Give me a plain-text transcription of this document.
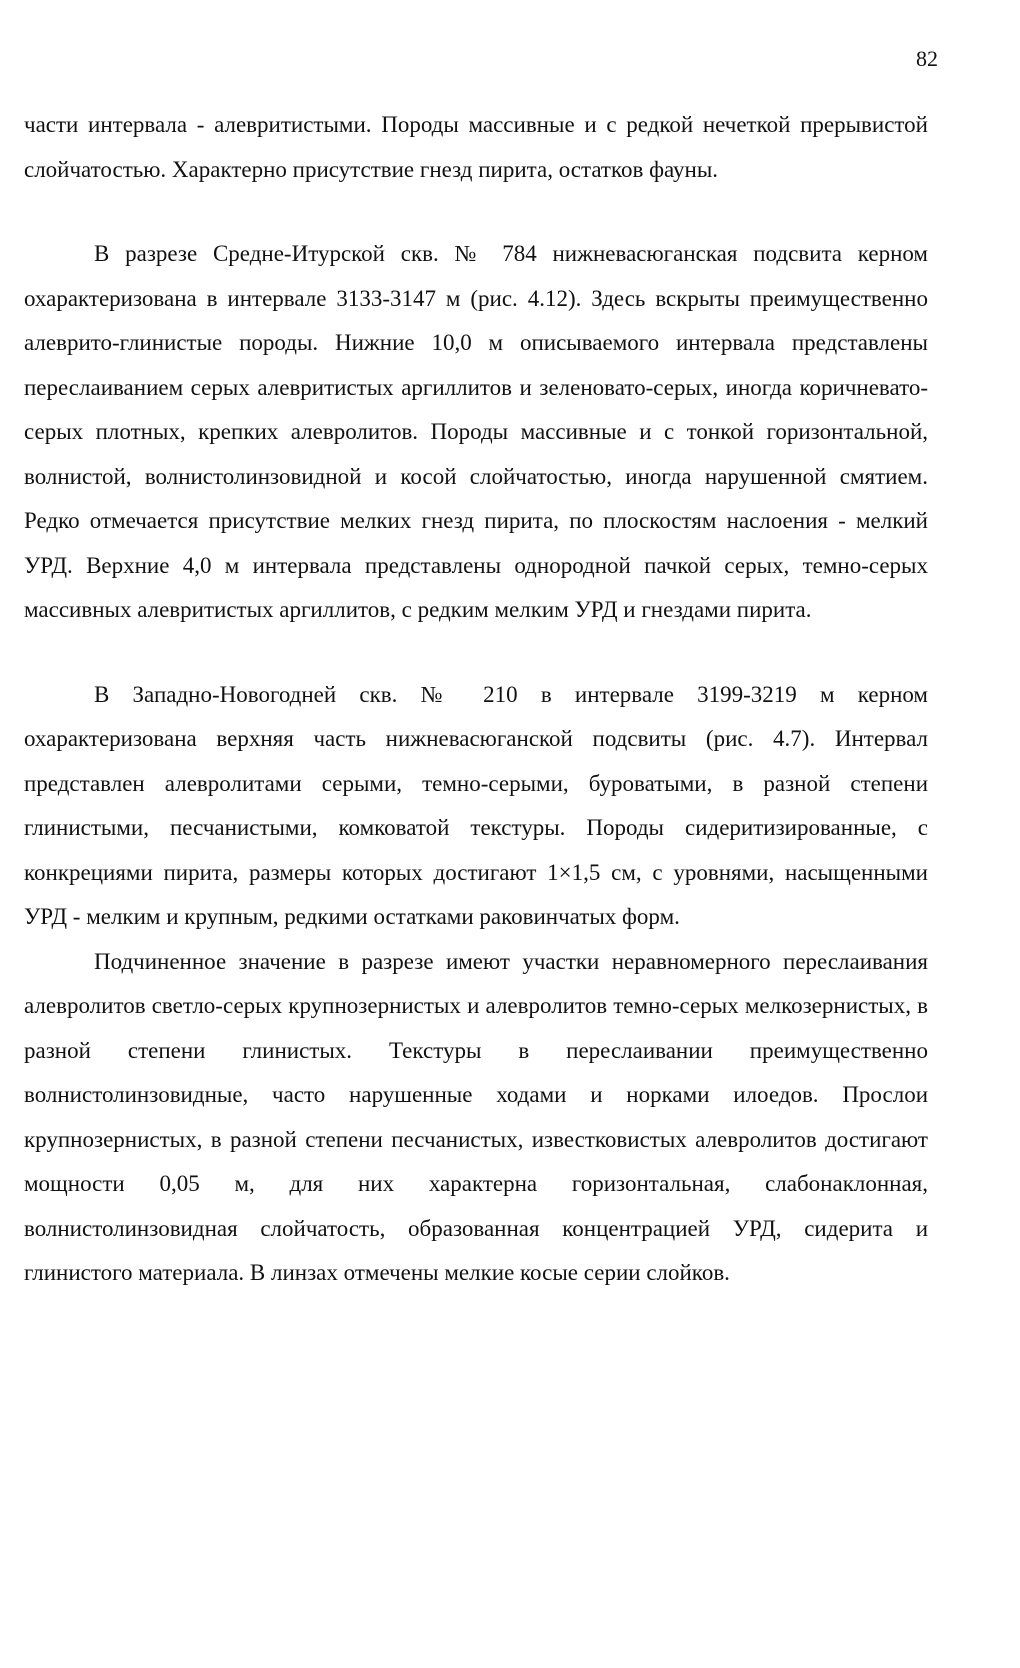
82

части интервала - алевритистыми. Породы массивные и с редкой нечеткой прерывистой слойчатостью. Характерно присутствие гнезд пирита, остатков фауны.

В разрезе Средне-Итурской скв. № 784 нижневасюганская подсвита керном охарактеризована в интервале 3133-3147 м (рис. 4.12). Здесь вскрыты преимущественно алеврито-глинистые породы. Нижние 10,0 м описываемого интервала представлены переслаиванием серых алевритистых аргиллитов и зеленовато-серых, иногда коричневато-серых плотных, крепких алевролитов. Породы массивные и с тонкой горизонтальной, волнистой, волнистолинзовидной и косой слойчатостью, иногда нарушенной смятием. Редко отмечается присутствие мелких гнезд пирита, по плоскостям наслоения - мелкий УРД. Верхние 4,0 м интервала представлены однородной пачкой серых, темно-серых массивных алевритистых аргиллитов, с редким мелким УРД и гнездами пирита.

В Западно-Новогодней скв. № 210 в интервале 3199-3219 м керном охарактеризована верхняя часть нижневасюганской подсвиты (рис. 4.7). Интервал представлен алевролитами серыми, темно-серыми, буроватыми, в разной степени глинистыми, песчанистыми, комковатой текстуры. Породы сидеритизированные, с конкрециями пирита, размеры которых достигают 1×1,5 см, с уровнями, насыщенными УРД - мелким и крупным, редкими остатками раковинчатых форм.

Подчиненное значение в разрезе имеют участки неравномерного переслаивания алевролитов светло-серых крупнозернистых и алевролитов темно-серых мелкозернистых, в разной степени глинистых. Текстуры в переслаивании преимущественно волнистолинзовидные, часто нарушенные ходами и норками илоедов. Прослои крупнозернистых, в разной степени песчанистых, известковистых алевролитов достигают мощности 0,05 м, для них характерна горизонтальная, слабонаклонная, волнистолинзовидная слойчатость, образованная концентрацией УРД, сидерита и глинистого материала. В линзах отмечены мелкие косые серии слойков.
